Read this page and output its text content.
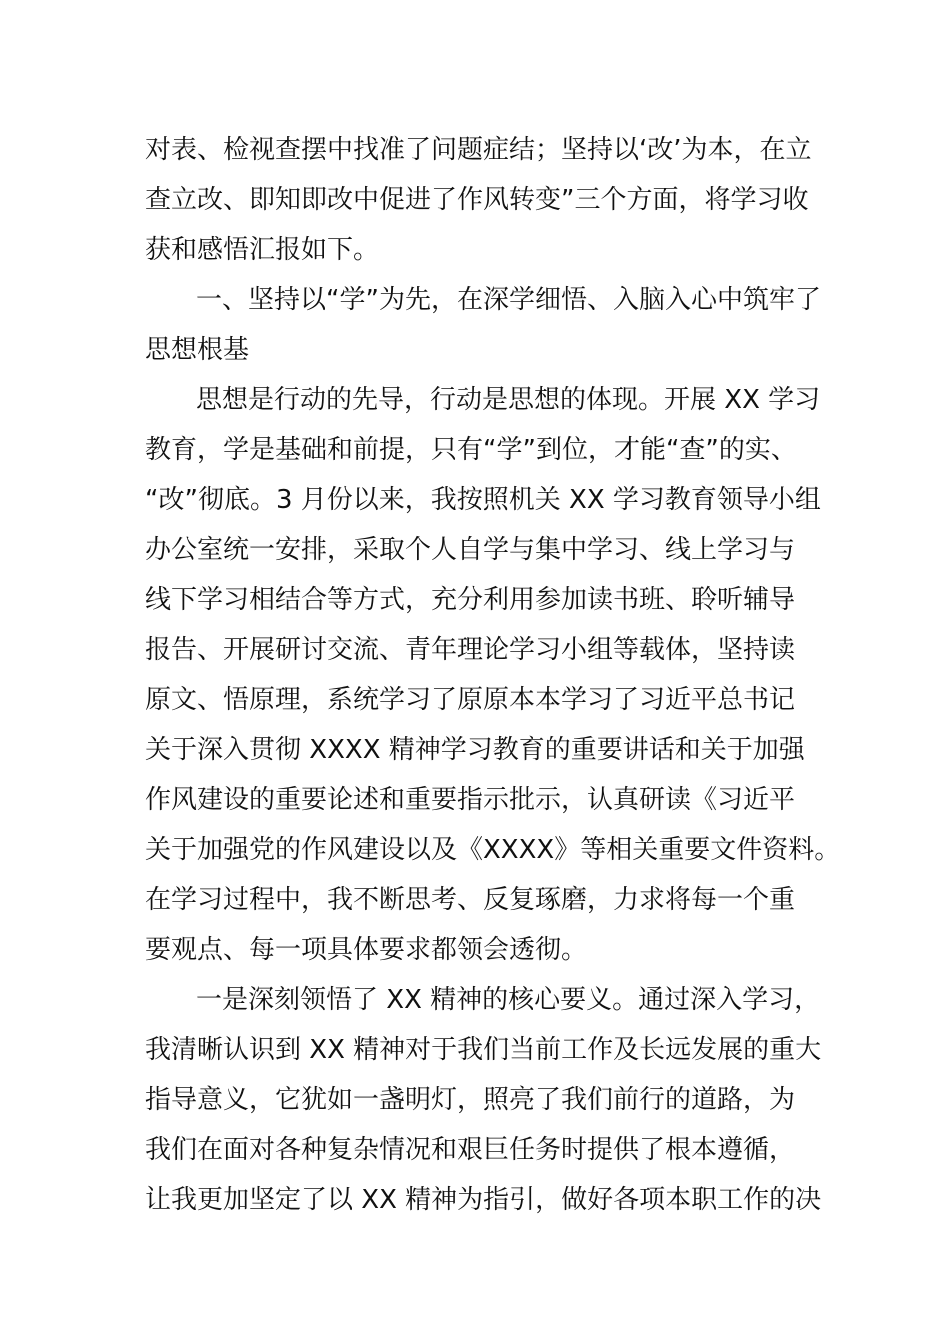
对表、检视查摆中找准了问题症结；坚持以‘改’为本，在立
查立改、即知即改中促进了作风转变”三个方面，将学习收
获和感悟汇报如下。
一、坚持以“学”为先，在深学细悟、入脑入心中筑牢了
思想根基
思想是行动的先导，行动是思想的体现。开展 XX 学习
教育，学是基础和前提，只有“学”到位，才能“查”的实、
“改”彻底。3 月份以来，我按照机关 XX 学习教育领导小组
办公室统一安排，采取个人自学与集中学习、线上学习与
线下学习相结合等方式，充分利用参加读书班、聆听辅导
报告、开展研讨交流、青年理论学习小组等载体，坚持读
原文、悟原理，系统学习了原原本本学习了习近平总书记
关于深入贯彻 XXXX 精神学习教育的重要讲话和关于加强
作风建设的重要论述和重要指示批示，认真研读《习近平
关于加强党的作风建设以及《XXXX》等相关重要文件资料。
在学习过程中，我不断思考、反复琢磨，力求将每一个重
要观点、每一项具体要求都领会透彻。
一是深刻领悟了 XX 精神的核心要义。通过深入学习，
我清晰认识到 XX 精神对于我们当前工作及长远发展的重大
指导意义，它犹如一盏明灯，照亮了我们前行的道路，为
我们在面对各种复杂情况和艰巨任务时提供了根本遵循，
让我更加坚定了以 XX 精神为指引，做好各项本职工作的决
